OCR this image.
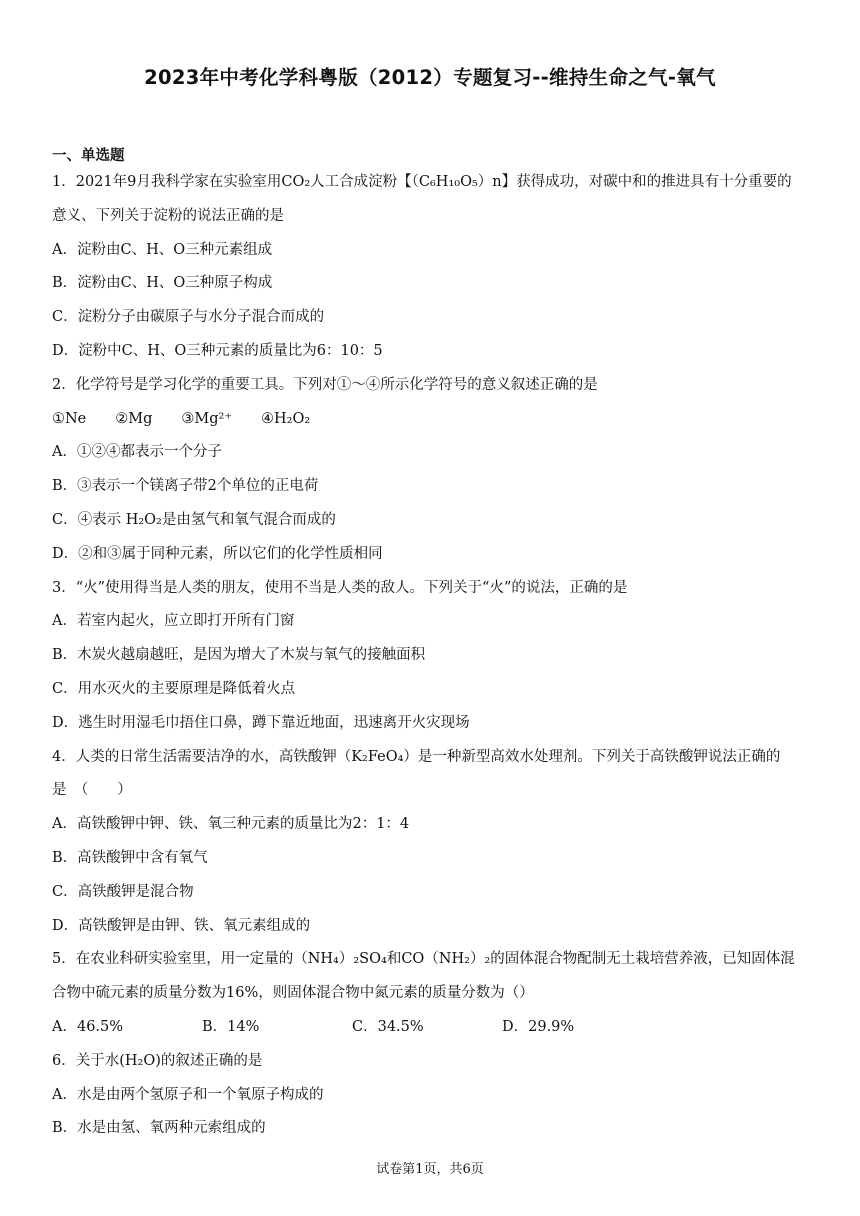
2023年中考化学科粤版（2012）专题复习--维持生命之气-氧气
一、单选题
1．2021年9月我科学家在实验室用CO₂人工合成淀粉【（C₆H₁₀O₅）n】获得成功，对碳中和的推进具有十分重要的
意义、下列关于淀粉的说法正确的是
A．淀粉由C、H、O三种元素组成
B．淀粉由C、H、O三种原子构成
C．淀粉分子由碳原子与水分子混合而成的
D．淀粉中C、H、O三种元素的质量比为6：10：5
2．化学符号是学习化学的重要工具。下列对①～④所示化学符号的意义叙述正确的是
①Ne　　②Mg　　③Mg²⁺　　④H₂O₂
A．①②④都表示一个分子
B．③表示一个镁离子带2个单位的正电荷
C．④表示 H₂O₂是由氢气和氧气混合而成的
D．②和③属于同种元素，所以它们的化学性质相同
3．“火”使用得当是人类的朋友，使用不当是人类的敌人。下列关于“火”的说法，正确的是
A．若室内起火，应立即打开所有门窗
B．木炭火越扇越旺，是因为增大了木炭与氧气的接触面积
C．用水灭火的主要原理是降低着火点
D．逃生时用湿毛巾捂住口鼻，蹲下靠近地面，迅速离开火灾现场
4．人类的日常生活需要洁净的水，高铁酸钾（K₂FeO₄）是一种新型高效水处理剂。下列关于高铁酸钾说法正确的
是　（　　）
A．高铁酸钾中钾、铁、氧三种元素的质量比为2：1：4
B．高铁酸钾中含有氧气
C．高铁酸钾是混合物
D．高铁酸钾是由钾、铁、氧元素组成的
5．在农业科研实验室里，用一定量的（NH₄）₂SO₄和CO（NH₂）₂的固体混合物配制无土栽培营养液，已知固体混
合物中硫元素的质量分数为16%，则固体混合物中氮元素的质量分数为（）
A．46.5%	B．14%	C．34.5%	D．29.9%
6．关于水(H₂O)的叙述正确的是
A．水是由两个氢原子和一个氧原子构成的
B．水是由氢、氧两种元索组成的
试卷第1页，共6页
